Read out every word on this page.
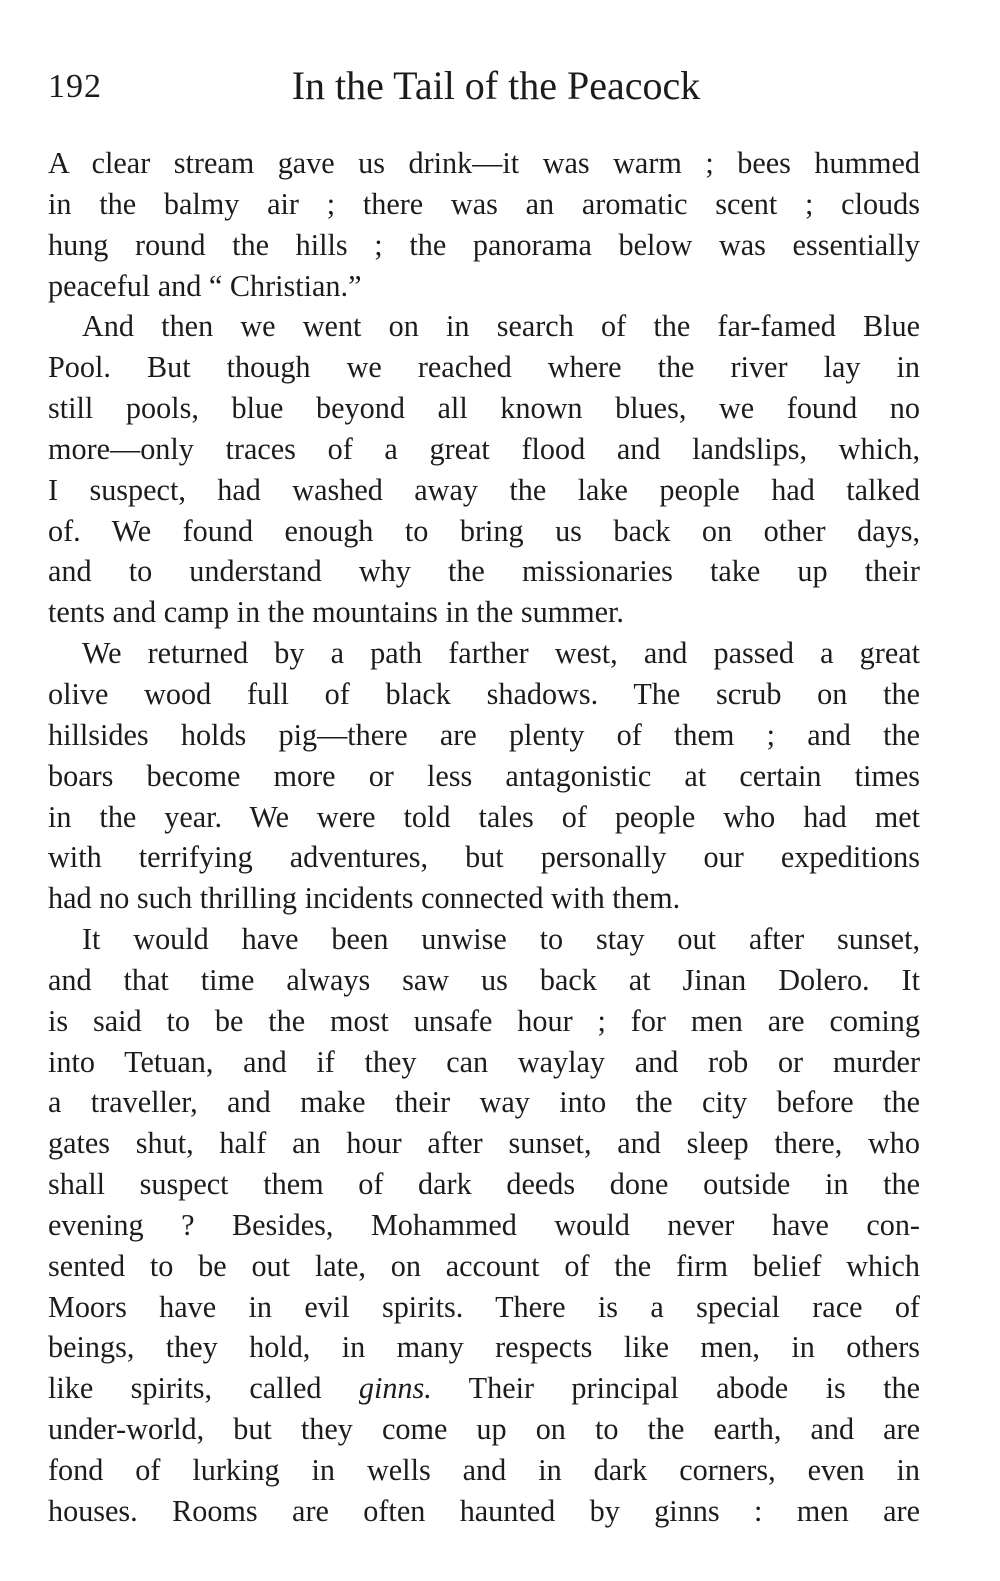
192	In the Tail of the Peacock

A clear stream gave us drink—it was warm ; bees hummed
in the balmy air ; there was an aromatic scent ; clouds
hung round the hills ; the panorama below was essentially
peaceful and “ Christian.”

And then we went on in search of the far-famed Blue
Pool. But though we reached where the river lay in
still pools, blue beyond all known blues, we found no
more—only traces of a great flood and landslips, which,
I suspect, had washed away the lake people had talked
of. We found enough to bring us back on other days,
and to understand why the missionaries take up their
tents and camp in the mountains in the summer.

We returned by a path farther west, and passed a great
olive wood full of black shadows. The scrub on the
hillsides holds pig—there are plenty of them ; and the
boars become more or less antagonistic at certain times
in the year. We were told tales of people who had met
with terrifying adventures, but personally our expeditions
had no such thrilling incidents connected with them.

It would have been unwise to stay out after sunset,
and that time always saw us back at Jinan Dolero. It
is said to be the most unsafe hour ; for men are coming
into Tetuan, and if they can waylay and rob or murder
a traveller, and make their way into the city before the
gates shut, half an hour after sunset, and sleep there, who
shall suspect them of dark deeds done outside in the
evening ? Besides, Mohammed would never have con-
sented to be out late, on account of the firm belief which
Moors have in evil spirits. There is a special race of
beings, they hold, in many respects like men, in others
like spirits, called ginns. Their principal abode is the
under-world, but they come up on to the earth, and are
fond of lurking in wells and in dark corners, even in
houses. Rooms are often haunted by ginns : men are
